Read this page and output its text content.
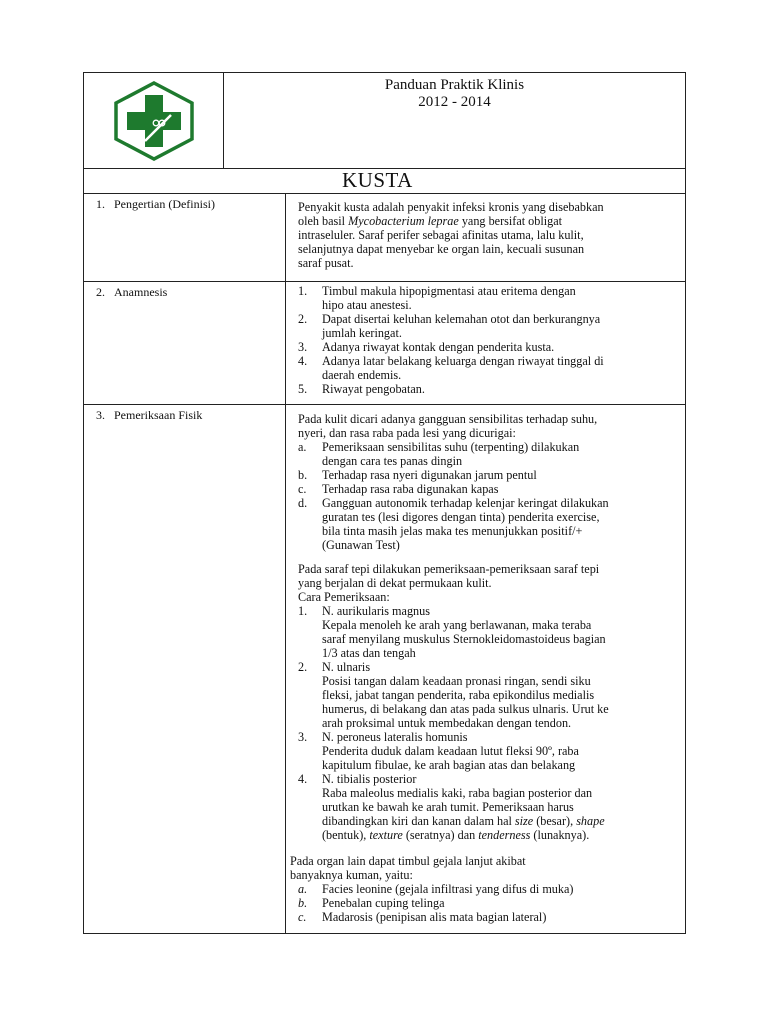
Panduan Praktik Klinis
2012 - 2014
KUSTA
1. Pengertian (Definisi)	Penyakit kusta adalah penyakit infeksi kronis yang disebabkan
oleh basil Mycobacterium leprae yang bersifat obligat
intraseluler. Saraf perifer sebagai afinitas utama, lalu kulit,
selanjutnya dapat menyebar ke organ lain, kecuali susunan
saraf pusat.
2. Anamnesis	1.	Timbul makula hipopigmentasi atau eritema dengan
hipo atau anestesi.
2.	Dapat disertai keluhan kelemahan otot dan berkurangnya
jumlah keringat.
3.	Adanya riwayat kontak dengan penderita kusta.
4.	Adanya latar belakang keluarga dengan riwayat tinggal di
daerah endemis.
5.	Riwayat pengobatan.
3. Pemeriksaan Fisik	Pada kulit dicari adanya gangguan sensibilitas terhadap suhu,
nyeri, dan rasa raba pada lesi yang dicurigai:
a.	Pemeriksaan sensibilitas suhu (terpenting) dilakukan
dengan cara tes panas dingin
b.	Terhadap rasa nyeri digunakan jarum pentul
c.	Terhadap rasa raba digunakan kapas
d.	Gangguan autonomik terhadap kelenjar keringat dilakukan
guratan tes (lesi digores dengan tinta) penderita exercise,
bila tinta masih jelas maka tes menunjukkan positif/+
(Gunawan Test)
Pada saraf tepi dilakukan pemeriksaan-pemeriksaan saraf tepi
yang berjalan di dekat permukaan kulit.
Cara Pemeriksaan:
1.	N. aurikularis magnus
Kepala menoleh ke arah yang berlawanan, maka teraba
saraf menyilang muskulus Sternokleidomastoideus bagian
1/3 atas dan tengah
2.	N. ulnaris
Posisi tangan dalam keadaan pronasi ringan, sendi siku
fleksi, jabat tangan penderita, raba epikondilus medialis
humerus, di belakang dan atas pada sulkus ulnaris. Urut ke
arah proksimal untuk membedakan dengan tendon.
3.	N. peroneus lateralis homunis
Penderita duduk dalam keadaan lutut fleksi 90º, raba
kapitulum fibulae, ke arah bagian atas dan belakang
4.	N. tibialis posterior
Raba maleolus medialis kaki, raba bagian posterior dan
urutkan ke bawah ke arah tumit. Pemeriksaan harus
dibandingkan kiri dan kanan dalam hal size (besar), shape
(bentuk), texture (seratnya) dan tenderness (lunaknya).
Pada organ lain dapat timbul gejala lanjut akibat
banyaknya kuman, yaitu:
a.	Facies leonine (gejala infiltrasi yang difus di muka)
b.	Penebalan cuping telinga
c.	Madarosis (penipisan alis mata bagian lateral)
